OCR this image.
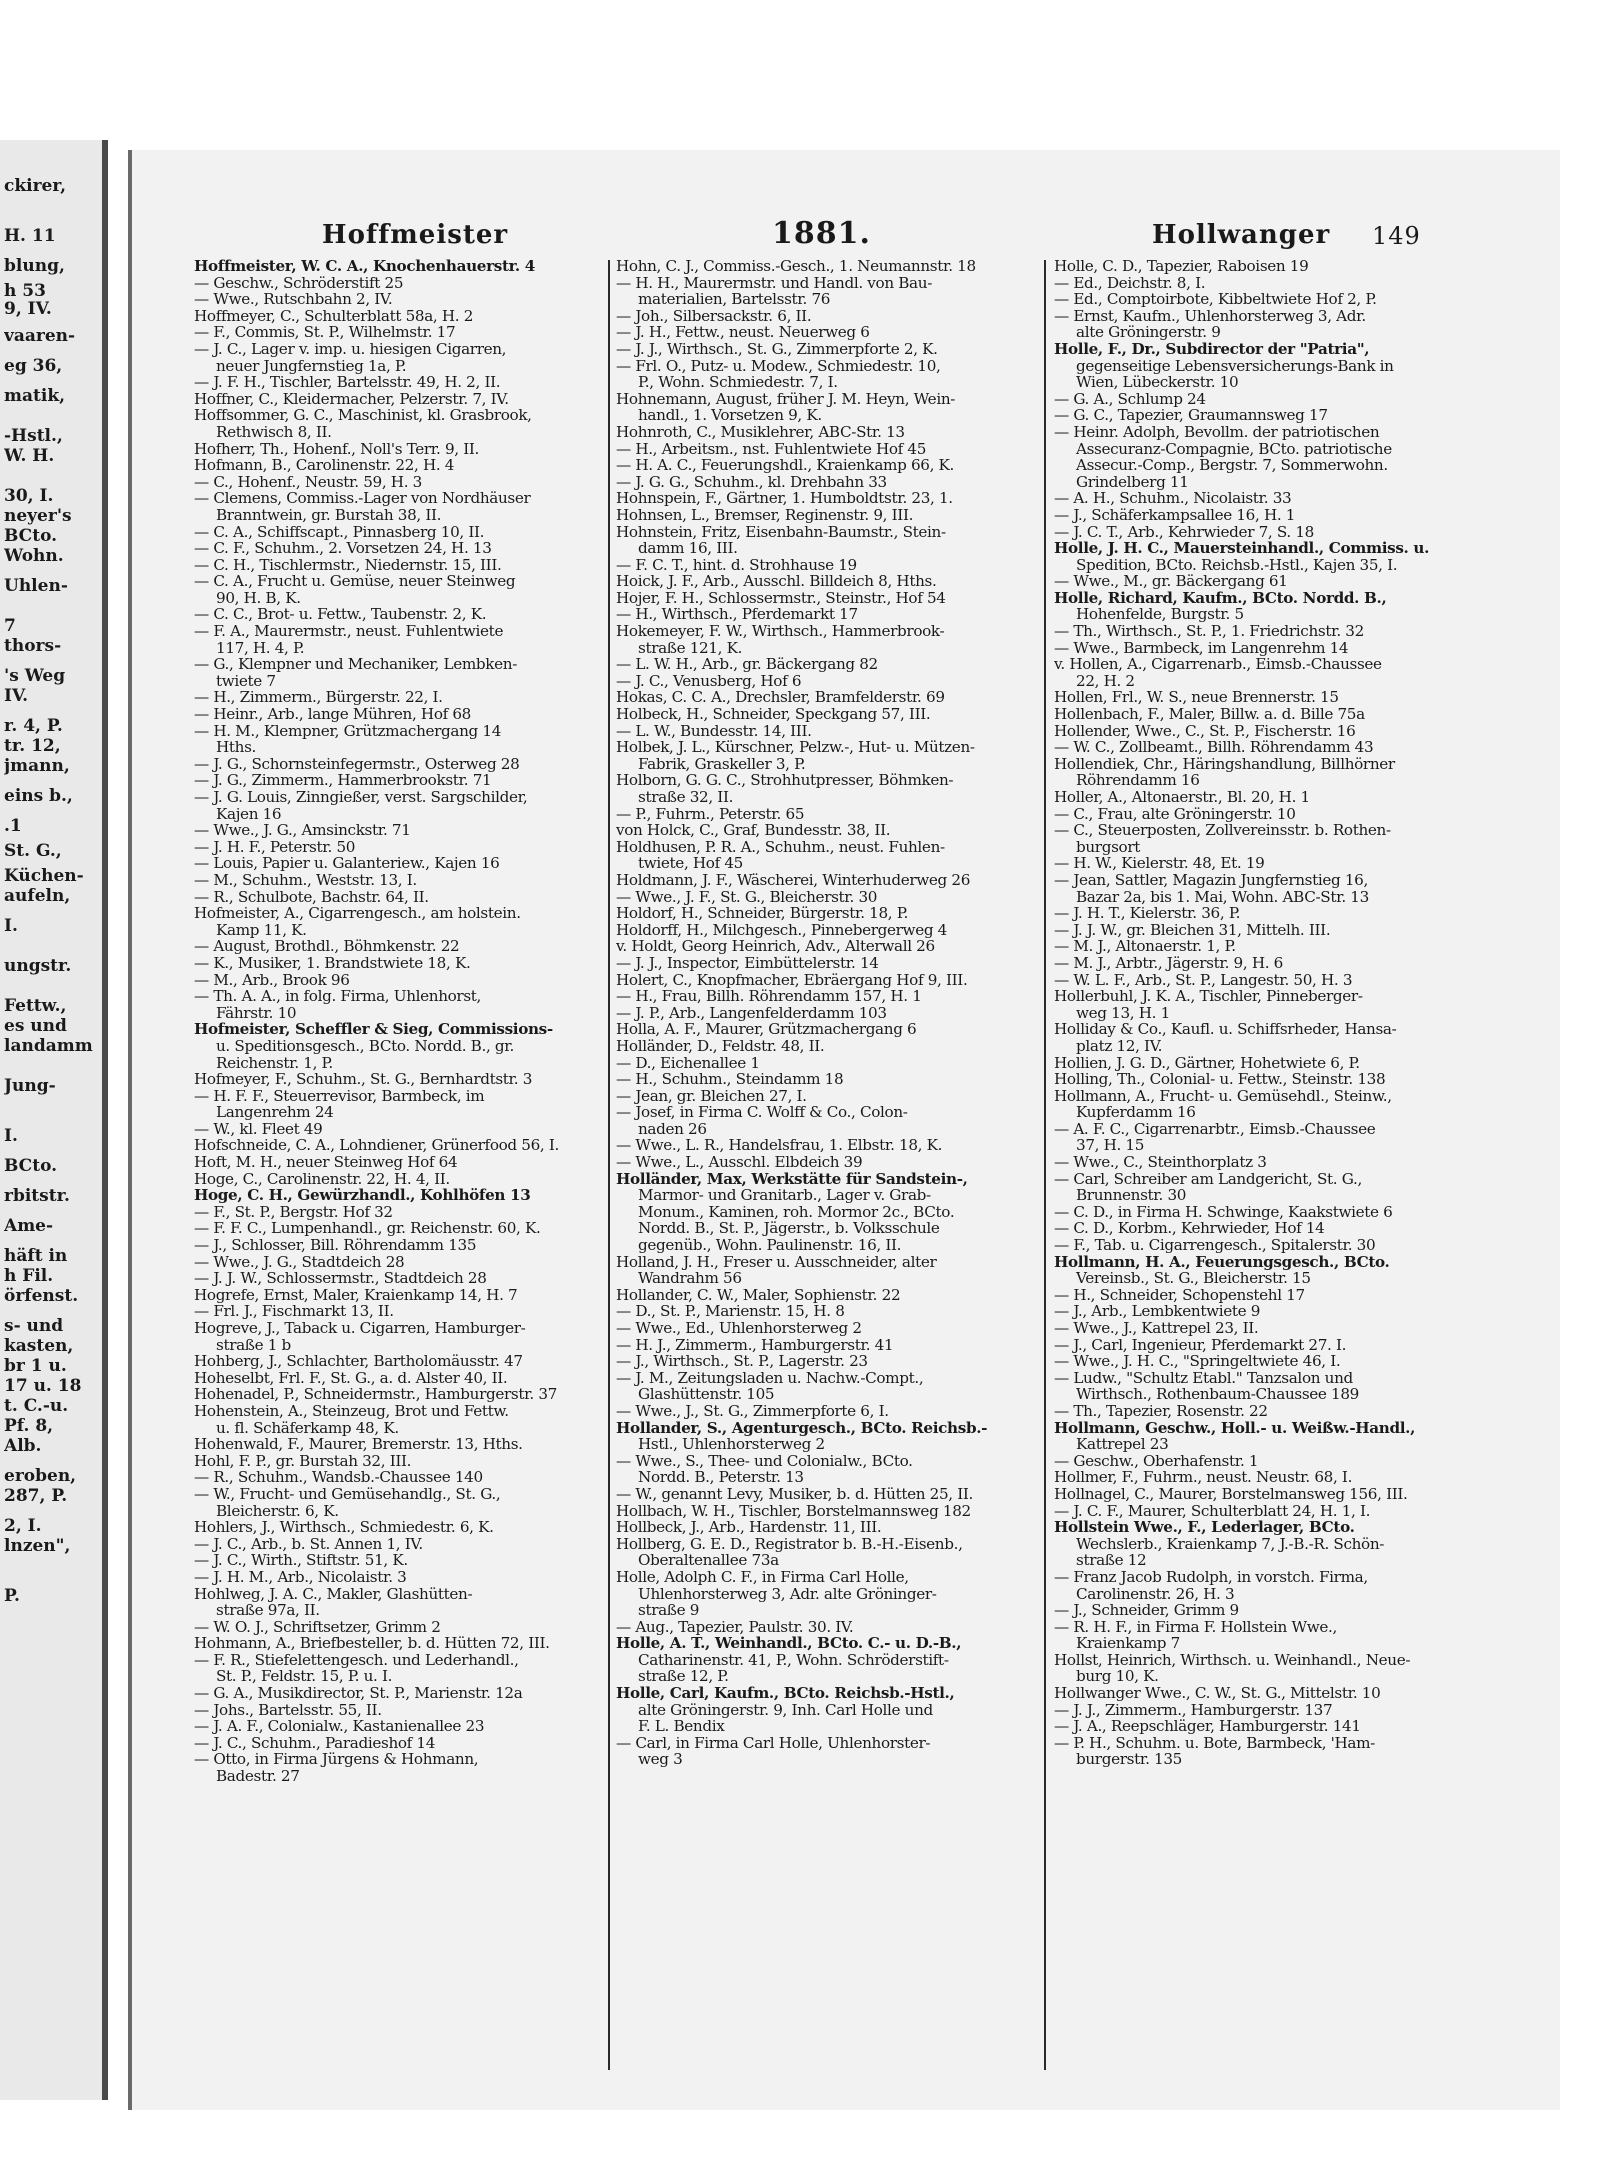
ckirer,
H. 11
blung,
h 53
9, IV.
vaaren-
eg 36,
matik,
-Hstl.,
W. H.
30, I.
neyer's
BCto.
Wohn.
Uhlen-
7
thors-
's Weg
IV.
r. 4, P.
tr. 12,
jmann,
eins b.,
.1
St. G.,
Küchen-
aufeln,
I.
ungstr.
Fettw.,
es und
landamm
Jung-
I.
BCto.
rbitstr.
Ame-
häft in
h Fil.
örfenst.
s- und
kasten,
br 1 u.
17 u. 18
t. C.-u.
Pf. 8,
Alb.
eroben,
287, P.
2, I.
lnzen",
P.
Hoffmeister	1881.	Hollwanger 149

Hoffmeister, W. C. A., Knochenhauerstr. 4

— Geschw., Schröderstift 25

— Wwe., Rutschbahn 2, IV.

Hoffmeyer, C., Schulterblatt 58a, H. 2

— F., Commis, St. P., Wilhelmstr. 17

— J. C., Lager v. imp. u. hiesigen Cigarren,

neuer Jungfernstieg 1a, P.

— J. F. H., Tischler, Bartelsstr. 49, H. 2, II.

Hoffner, C., Kleidermacher, Pelzerstr. 7, IV.

Hoffsommer, G. C., Maschinist, kl. Grasbrook,

Rethwisch 8, II.

Hofherr, Th., Hohenf., Noll's Terr. 9, II.

Hofmann, B., Carolinenstr. 22, H. 4

— C., Hohenf., Neustr. 59, H. 3

— Clemens, Commiss.-Lager von Nordhäuser

Branntwein, gr. Burstah 38, II.

— C. A., Schiffscapt., Pinnasberg 10, II.

— C. F., Schuhm., 2. Vorsetzen 24, H. 13

— C. H., Tischlermstr., Niedernstr. 15, III.

— C. A., Frucht u. Gemüse, neuer Steinweg

90, H. B, K.

— C. C., Brot- u. Fettw., Taubenstr. 2, K.

— F. A., Maurermstr., neust. Fuhlentwiete

117, H. 4, P.

— G., Klempner und Mechaniker, Lembken-

twiete 7

— H., Zimmerm., Bürgerstr. 22, I.

— Heinr., Arb., lange Mühren, Hof 68

— H. M., Klempner, Grützmachergang 14

Hths.

— J. G., Schornsteinfegermstr., Osterweg 28

— J. G., Zimmerm., Hammerbrookstr. 71

— J. G. Louis, Zinngießer, verst. Sargschilder,

Kajen 16

— Wwe., J. G., Amsinckstr. 71

— J. H. F., Peterstr. 50

— Louis, Papier u. Galanteriew., Kajen 16

— M., Schuhm., Weststr. 13, I.

— R., Schulbote, Bachstr. 64, II.

Hofmeister, A., Cigarrengesch., am holstein.

Kamp 11, K.

— August, Brothdl., Böhmkenstr. 22

— K., Musiker, 1. Brandstwiete 18, K.

— M., Arb., Brook 96

— Th. A. A., in folg. Firma, Uhlenhorst,

Fährstr. 10

Hofmeister, Scheffler & Sieg, Commissions-

u. Speditionsgesch., BCto. Nordd. B., gr.

Reichenstr. 1, P.

Hofmeyer, F., Schuhm., St. G., Bernhardtstr. 3

— H. F. F., Steuerrevisor, Barmbeck, im

Langenrehm 24

— W., kl. Fleet 49

Hofschneide, C. A., Lohndiener, Grünerfood 56, I.

Hoft, M. H., neuer Steinweg Hof 64

Hoge, C., Carolinenstr. 22, H. 4, II.

Hoge, C. H., Gewürzhandl., Kohlhöfen 13

— F., St. P., Bergstr. Hof 32

— F. F. C., Lumpenhandl., gr. Reichenstr. 60, K.

— J., Schlosser, Bill. Röhrendamm 135

— Wwe., J. G., Stadtdeich 28

— J. J. W., Schlossermstr., Stadtdeich 28

Hogrefe, Ernst, Maler, Kraienkamp 14, H. 7

— Frl. J., Fischmarkt 13, II.

Hogreve, J., Taback u. Cigarren, Hamburger-

straße 1 b

Hohberg, J., Schlachter, Bartholomäusstr. 47

Hoheselbt, Frl. F., St. G., a. d. Alster 40, II.

Hohenadel, P., Schneidermstr., Hamburgerstr. 37

Hohenstein, A., Steinzeug, Brot und Fettw.

u. fl. Schäferkamp 48, K.

Hohenwald, F., Maurer, Bremerstr. 13, Hths.

Hohl, F. P., gr. Burstah 32, III.

— R., Schuhm., Wandsb.-Chaussee 140

— W., Frucht- und Gemüsehandlg., St. G.,

Bleicherstr. 6, K.

Hohlers, J., Wirthsch., Schmiedestr. 6, K.

— J. C., Arb., b. St. Annen 1, IV.

— J. C., Wirth., Stiftstr. 51, K.

— J. H. M., Arb., Nicolaistr. 3

Hohlweg, J. A. C., Makler, Glashütten-

straße 97a, II.

— W. O. J., Schriftsetzer, Grimm 2

Hohmann, A., Briefbesteller, b. d. Hütten 72, III.

— F. R., Stiefelettengesch. und Lederhandl.,

St. P., Feldstr. 15, P. u. I.

— G. A., Musikdirector, St. P., Marienstr. 12a

— Johs., Bartelsstr. 55, II.

— J. A. F., Colonialw., Kastanienallee 23

— J. C., Schuhm., Paradieshof 14

— Otto, in Firma Jürgens & Hohmann,

Badestr. 27

Hohn, C. J., Commiss.-Gesch., 1. Neumannstr. 18

— H. H., Maurermstr. und Handl. von Bau-

materialien, Bartelsstr. 76

— Joh., Silbersackstr. 6, II.

— J. H., Fettw., neust. Neuerweg 6

— J. J., Wirthsch., St. G., Zimmerpforte 2, K.

— Frl. O., Putz- u. Modew., Schmiedestr. 10,

P., Wohn. Schmiedestr. 7, I.

Hohnemann, August, früher J. M. Heyn, Wein-

handl., 1. Vorsetzen 9, K.

Hohnroth, C., Musiklehrer, ABC-Str. 13

— H., Arbeitsm., nst. Fuhlentwiete Hof 45

— H. A. C., Feuerungshdl., Kraienkamp 66, K.

— J. G. G., Schuhm., kl. Drehbahn 33

Hohnspein, F., Gärtner, 1. Humboldtstr. 23, 1.

Hohnsen, L., Bremser, Reginenstr. 9, III.

Hohnstein, Fritz, Eisenbahn-Baumstr., Stein-

damm 16, III.

— F. C. T., hint. d. Strohhause 19

Hoick, J. F., Arb., Ausschl. Billdeich 8, Hths.

Hojer, F. H., Schlossermstr., Steinstr., Hof 54

— H., Wirthsch., Pferdemarkt 17

Hokemeyer, F. W., Wirthsch., Hammerbrook-

straße 121, K.

— L. W. H., Arb., gr. Bäckergang 82

— J. C., Venusberg, Hof 6

Hokas, C. C. A., Drechsler, Bramfelderstr. 69

Holbeck, H., Schneider, Speckgang 57, III.

— L. W., Bundesstr. 14, III.

Holbek, J. L., Kürschner, Pelzw.-, Hut- u. Mützen-

Fabrik, Graskeller 3, P.

Holborn, G. G. C., Strohhutpresser, Böhmken-

straße 32, II.

— P., Fuhrm., Peterstr. 65

von Holck, C., Graf, Bundesstr. 38, II.

Holdhusen, P. R. A., Schuhm., neust. Fuhlen-

twiete, Hof 45

Holdmann, J. F., Wäscherei, Winterhuderweg 26

— Wwe., J. F., St. G., Bleicherstr. 30

Holdorf, H., Schneider, Bürgerstr. 18, P.

Holdorff, H., Milchgesch., Pinnebergerweg 4

v. Holdt, Georg Heinrich, Adv., Alterwall 26

— J. J., Inspector, Eimbüttelerstr. 14

Holert, C., Knopfmacher, Ebräergang Hof 9, III.

— H., Frau, Billh. Röhrendamm 157, H. 1

— J. P., Arb., Langenfelderdamm 103

Holla, A. F., Maurer, Grützmachergang 6

Holländer, D., Feldstr. 48, II.

— D., Eichenallee 1

— H., Schuhm., Steindamm 18

— Jean, gr. Bleichen 27, I.

— Josef, in Firma C. Wolff & Co., Colon-

naden 26

— Wwe., L. R., Handelsfrau, 1. Elbstr. 18, K.

— Wwe., L., Ausschl. Elbdeich 39

Holländer, Max, Werkstätte für Sandstein-,

Marmor- und Granitarb., Lager v. Grab-

Monum., Kaminen, roh. Mormor 2c., BCto.

Nordd. B., St. P., Jägerstr., b. Volksschule

gegenüb., Wohn. Paulinenstr. 16, II.

Holland, J. H., Freser u. Ausschneider, alter

Wandrahm 56

Hollander, C. W., Maler, Sophienstr. 22

— D., St. P., Marienstr. 15, H. 8

— Wwe., Ed., Uhlenhorsterweg 2

— H. J., Zimmerm., Hamburgerstr. 41

— J., Wirthsch., St. P., Lagerstr. 23

— J. M., Zeitungsladen u. Nachw.-Compt.,

Glashüttenstr. 105

— Wwe., J., St. G., Zimmerpforte 6, I.

Hollander, S., Agenturgesch., BCto. Reichsb.-

Hstl., Uhlenhorsterweg 2

— Wwe., S., Thee- und Colonialw., BCto.

Nordd. B., Peterstr. 13

— W., genannt Levy, Musiker, b. d. Hütten 25, II.

Hollbach, W. H., Tischler, Borstelmannsweg 182

Hollbeck, J., Arb., Hardenstr. 11, III.

Hollberg, G. E. D., Registrator b. B.-H.-Eisenb.,

Oberaltenallee 73a

Holle, Adolph C. F., in Firma Carl Holle,

Uhlenhorsterweg 3, Adr. alte Gröninger-

straße 9

— Aug., Tapezier, Paulstr. 30. IV.

Holle, A. T., Weinhandl., BCto. C.- u. D.-B.,

Catharinenstr. 41, P., Wohn. Schröderstift-

straße 12, P.

Holle, Carl, Kaufm., BCto. Reichsb.-Hstl.,

alte Gröningerstr. 9, Inh. Carl Holle und

F. L. Bendix

— Carl, in Firma Carl Holle, Uhlenhorster-

weg 3

Holle, C. D., Tapezier, Raboisen 19

— Ed., Deichstr. 8, I.

— Ed., Comptoirbote, Kibbeltwiete Hof 2, P.

— Ernst, Kaufm., Uhlenhorsterweg 3, Adr.

alte Gröningerstr. 9

Holle, F., Dr., Subdirector der "Patria",

gegenseitige Lebensversicherungs-Bank in

Wien, Lübeckerstr. 10

— G. A., Schlump 24

— G. C., Tapezier, Graumannsweg 17

— Heinr. Adolph, Bevollm. der patriotischen

Assecuranz-Compagnie, BCto. patriotische

Assecur.-Comp., Bergstr. 7, Sommerwohn.

Grindelberg 11

— A. H., Schuhm., Nicolaistr. 33

— J., Schäferkampsallee 16, H. 1

— J. C. T., Arb., Kehrwieder 7, S. 18

Holle, J. H. C., Mauersteinhandl., Commiss. u.

Spedition, BCto. Reichsb.-Hstl., Kajen 35, I.

— Wwe., M., gr. Bäckergang 61

Holle, Richard, Kaufm., BCto. Nordd. B.,

Hohenfelde, Burgstr. 5

— Th., Wirthsch., St. P., 1. Friedrichstr. 32

— Wwe., Barmbeck, im Langenrehm 14

v. Hollen, A., Cigarrenarb., Eimsb.-Chaussee

22, H. 2

Hollen, Frl., W. S., neue Brennerstr. 15

Hollenbach, F., Maler, Billw. a. d. Bille 75a

Hollender, Wwe., C., St. P., Fischerstr. 16

— W. C., Zollbeamt., Billh. Röhrendamm 43

Hollendiek, Chr., Häringshandlung, Billhörner

Röhrendamm 16

Holler, A., Altonaerstr., Bl. 20, H. 1

— C., Frau, alte Gröningerstr. 10

— C., Steuerposten, Zollvereinsstr. b. Rothen-

burgsort

— H. W., Kielerstr. 48, Et. 19

— Jean, Sattler, Magazin Jungfernstieg 16,

Bazar 2a, bis 1. Mai, Wohn. ABC-Str. 13

— J. H. T., Kielerstr. 36, P.

— J. J. W., gr. Bleichen 31, Mittelh. III.

— M. J., Altonaerstr. 1, P.

— M. J., Arbtr., Jägerstr. 9, H. 6

— W. L. F., Arb., St. P., Langestr. 50, H. 3

Hollerbuhl, J. K. A., Tischler, Pinneberger-

weg 13, H. 1

Holliday & Co., Kaufl. u. Schiffsrheder, Hansa-

platz 12, IV.

Hollien, J. G. D., Gärtner, Hohetwiete 6, P.

Holling, Th., Colonial- u. Fettw., Steinstr. 138

Hollmann, A., Frucht- u. Gemüsehdl., Steinw.,

Kupferdamm 16

— A. F. C., Cigarrenarbtr., Eimsb.-Chaussee

37, H. 15

— Wwe., C., Steinthorplatz 3

— Carl, Schreiber am Landgericht, St. G.,

Brunnenstr. 30

— C. D., in Firma H. Schwinge, Kaakstwiete 6

— C. D., Korbm., Kehrwieder, Hof 14

— F., Tab. u. Cigarrengesch., Spitalerstr. 30

Hollmann, H. A., Feuerungsgesch., BCto.

Vereinsb., St. G., Bleicherstr. 15

— H., Schneider, Schopenstehl 17

— J., Arb., Lembkentwiete 9

— Wwe., J., Kattrepel 23, II.

— J., Carl, Ingenieur, Pferdemarkt 27. I.

— Wwe., J. H. C., "Springeltwiete 46, I.

— Ludw., "Schultz Etabl." Tanzsalon und

Wirthsch., Rothenbaum-Chaussee 189

— Th., Tapezier, Rosenstr. 22

Hollmann, Geschw., Holl.- u. Weißw.-Handl.,

Kattrepel 23

— Geschw., Oberhafenstr. 1

Hollmer, F., Fuhrm., neust. Neustr. 68, I.

Hollnagel, C., Maurer, Borstelmansweg 156, III.

— J. C. F., Maurer, Schulterblatt 24, H. 1, I.

Hollstein Wwe., F., Lederlager, BCto.

Wechslerb., Kraienkamp 7, J.-B.-R. Schön-

straße 12

— Franz Jacob Rudolph, in vorstch. Firma,

Carolinenstr. 26, H. 3

— J., Schneider, Grimm 9

— R. H. F., in Firma F. Hollstein Wwe.,

Kraienkamp 7

Hollst, Heinrich, Wirthsch. u. Weinhandl., Neue-

burg 10, K.

Hollwanger Wwe., C. W., St. G., Mittelstr. 10

— J. J., Zimmerm., Hamburgerstr. 137

— J. A., Reepschläger, Hamburgerstr. 141

— P. H., Schuhm. u. Bote, Barmbeck, 'Ham-

burgerstr. 135
